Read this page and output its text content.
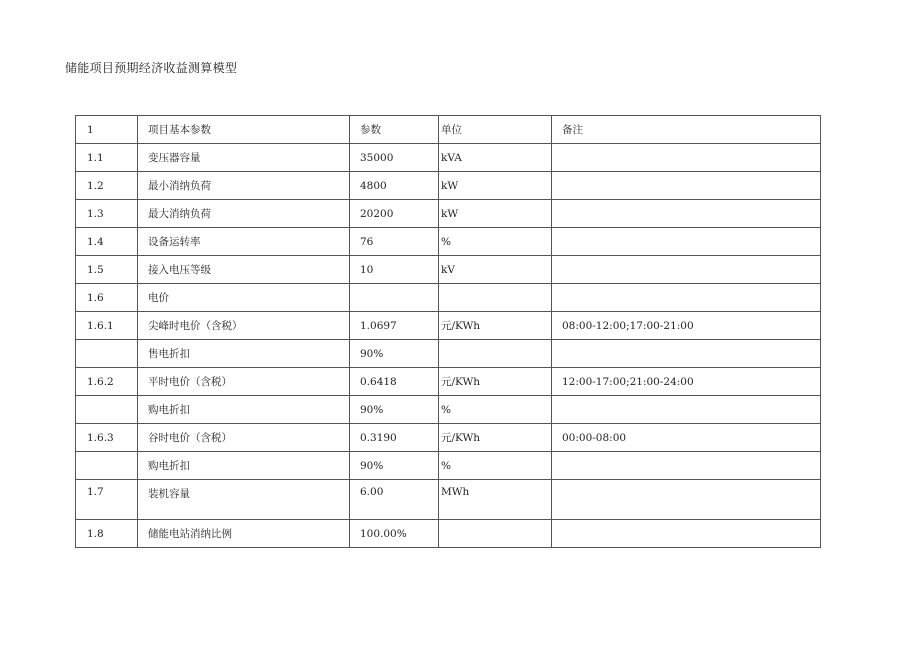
储能项目预期经济收益测算模型
1	项目基本参数	参数	单位	备注
1.1	变压器容量	35000	kVA	
1.2	最小消纳负荷	4800	kW	
1.3	最大消纳负荷	20200	kW	
1.4	设备运转率	76	%	
1.5	接入电压等级	10	kV	
1.6	电价			
1.6.1	尖峰时电价（含税）	1.0697	元/KWh	08:00-12:00;17:00-21:00
	售电折扣	90%		
1.6.2	平时电价（含税）	0.6418	元/KWh	12:00-17:00;21:00-24:00
	购电折扣	90%	%	
1.6.3	谷时电价（含税）	0.3190	元/KWh	00:00-08:00
	购电折扣	90%	%	
1.7	装机容量	6.00	MWh	
1.8	储能电站消纳比例	100.00%		
